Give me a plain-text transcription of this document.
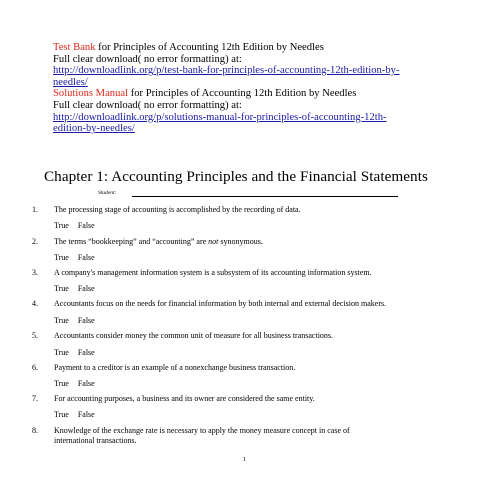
Test Bank for Principles of Accounting 12th Edition by Needles
Full clear download( no error formatting) at:
http://downloadlink.org/p/test-bank-for-principles-of-accounting-12th-edition-by-
needles/
Solutions Manual for Principles of Accounting 12th Edition by Needles
Full clear download( no error formatting) at:
http://downloadlink.org/p/solutions-manual-for-principles-of-accounting-12th-
edition-by-needles/
Chapter 1: Accounting Principles and the Financial Statements
Student:
1.	The processing stage of accounting is accomplished by the recording of data.
True False
2.	The terms “bookkeeping” and “accounting” are not synonymous.
True False
3.	A company's management information system is a subsystem of its accounting information system.
True False
4.	Accountants focus on the needs for financial information by both internal and external decision makers.
True False
5.	Accountants consider money the common unit of measure for all business transactions.
True False
6.	Payment to a creditor is an example of a nonexchange business transaction.
True False
7.	For accounting purposes, a business and its owner are considered the same entity.
True False
8.	Knowledge of the exchange rate is necessary to apply the money measure concept in case of
international transactions.
1
